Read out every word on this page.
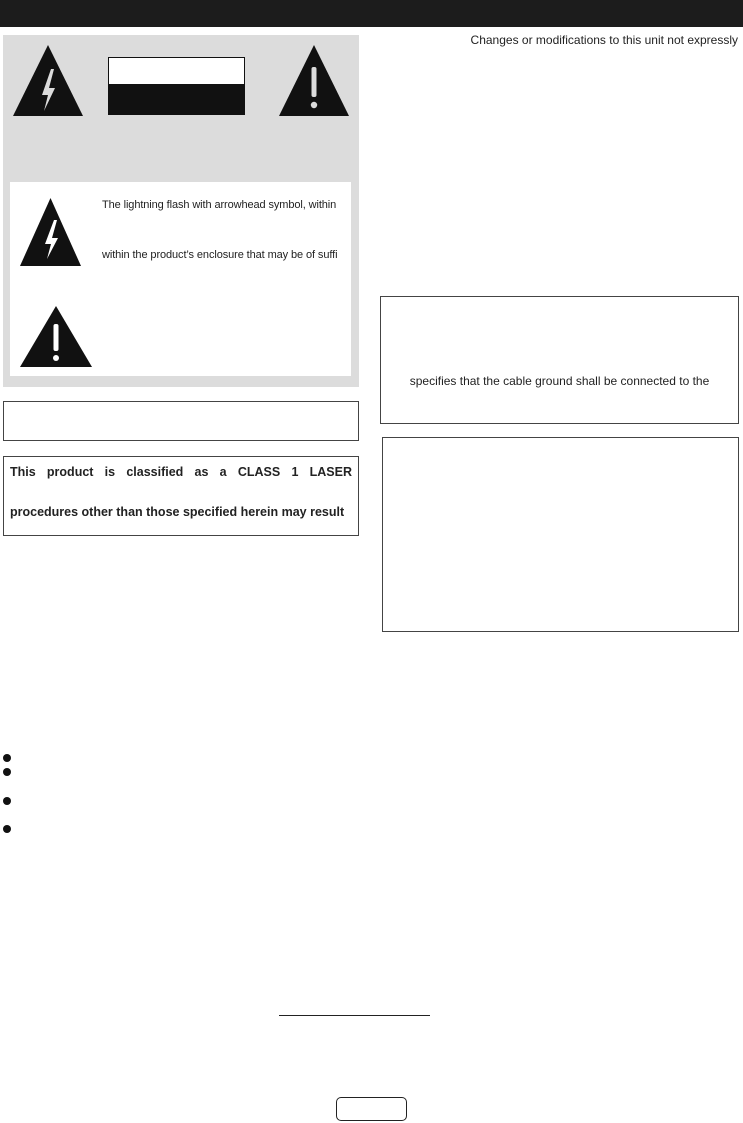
The lightning flash with arrowhead symbol, within
within the product’s enclosure that may be of suffi
Changes or modifications to this unit not expressly
specifies that the cable ground shall be connected to the
This product is classified as a CLASS 1 LASER
procedures other than those specified herein may result
